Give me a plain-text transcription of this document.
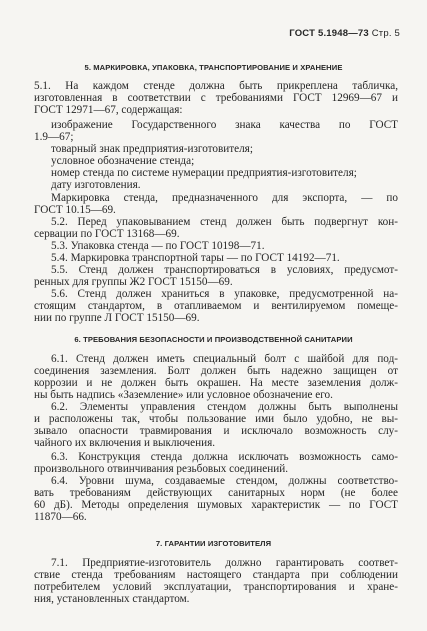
ГОСТ 5.1948—73 Стр. 5
5. МАРКИРОВКА, УПАКОВКА, ТРАНСПОРТИРОВАНИЕ И ХРАНЕНИЕ
5.1. На каждом стенде должна быть прикреплена табличка,
изготовленная в соответствии с требованиями ГОСТ 12969—67 и
ГОСТ 12971—67, содержащая:
изображение Государственного знака качества по ГОСТ
1.9—67;
товарный знак предприятия-изготовителя;
условное обозначение стенда;
номер стенда по системе нумерации предприятия-изготовителя;
дату изготовления.
Маркировка стенда, предназначенного для экспорта, — по
ГОСТ 10.15—69.
5.2. Перед упаковыванием стенд должен быть подвергнут кон-
сервации по ГОСТ 13168—69.
5.3. Упаковка стенда — по ГОСТ 10198—71.
5.4. Маркировка транспортной тары — по ГОСТ 14192—71.
5.5. Стенд должен транспортироваться в условиях, предусмот-
ренных для группы Ж2 ГОСТ 15150—69.
5.6. Стенд должен храниться в упаковке, предусмотренной на-
стоящим стандартом, в отапливаемом и вентилируемом помеще-
нии по группе Л ГОСТ 15150—69.
6. ТРЕБОВАНИЯ БЕЗОПАСНОСТИ И ПРОИЗВОДСТВЕННОЙ САНИТАРИИ
6.1. Стенд должен иметь специальный болт с шайбой для под-
соединения заземления. Болт должен быть надежно защищен от
коррозии и не должен быть окрашен. На месте заземления долж-
ны быть надпись «Заземление» или условное обозначение его.
6.2. Элементы управления стендом должны быть выполнены
и расположены так, чтобы пользование ими было удобно, не вы-
зывало опасности травмирования и исключало возможность слу-
чайного их включения и выключения.
6.3. Конструкция стенда должна исключать возможность само-
произвольного отвинчивания резьбовых соединений.
6.4. Уровни шума, создаваемые стендом, должны соответство-
вать требованиям действующих санитарных норм (не более
60 дБ). Методы определения шумовых характеристик — по ГОСТ
11870—66.
7. ГАРАНТИИ ИЗГОТОВИТЕЛЯ
7.1. Предприятие-изготовитель должно гарантировать соответ-
ствие стенда требованиям настоящего стандарта при соблюдении
потребителем условий эксплуатации, транспортирования и хране-
ния, установленных стандартом.
